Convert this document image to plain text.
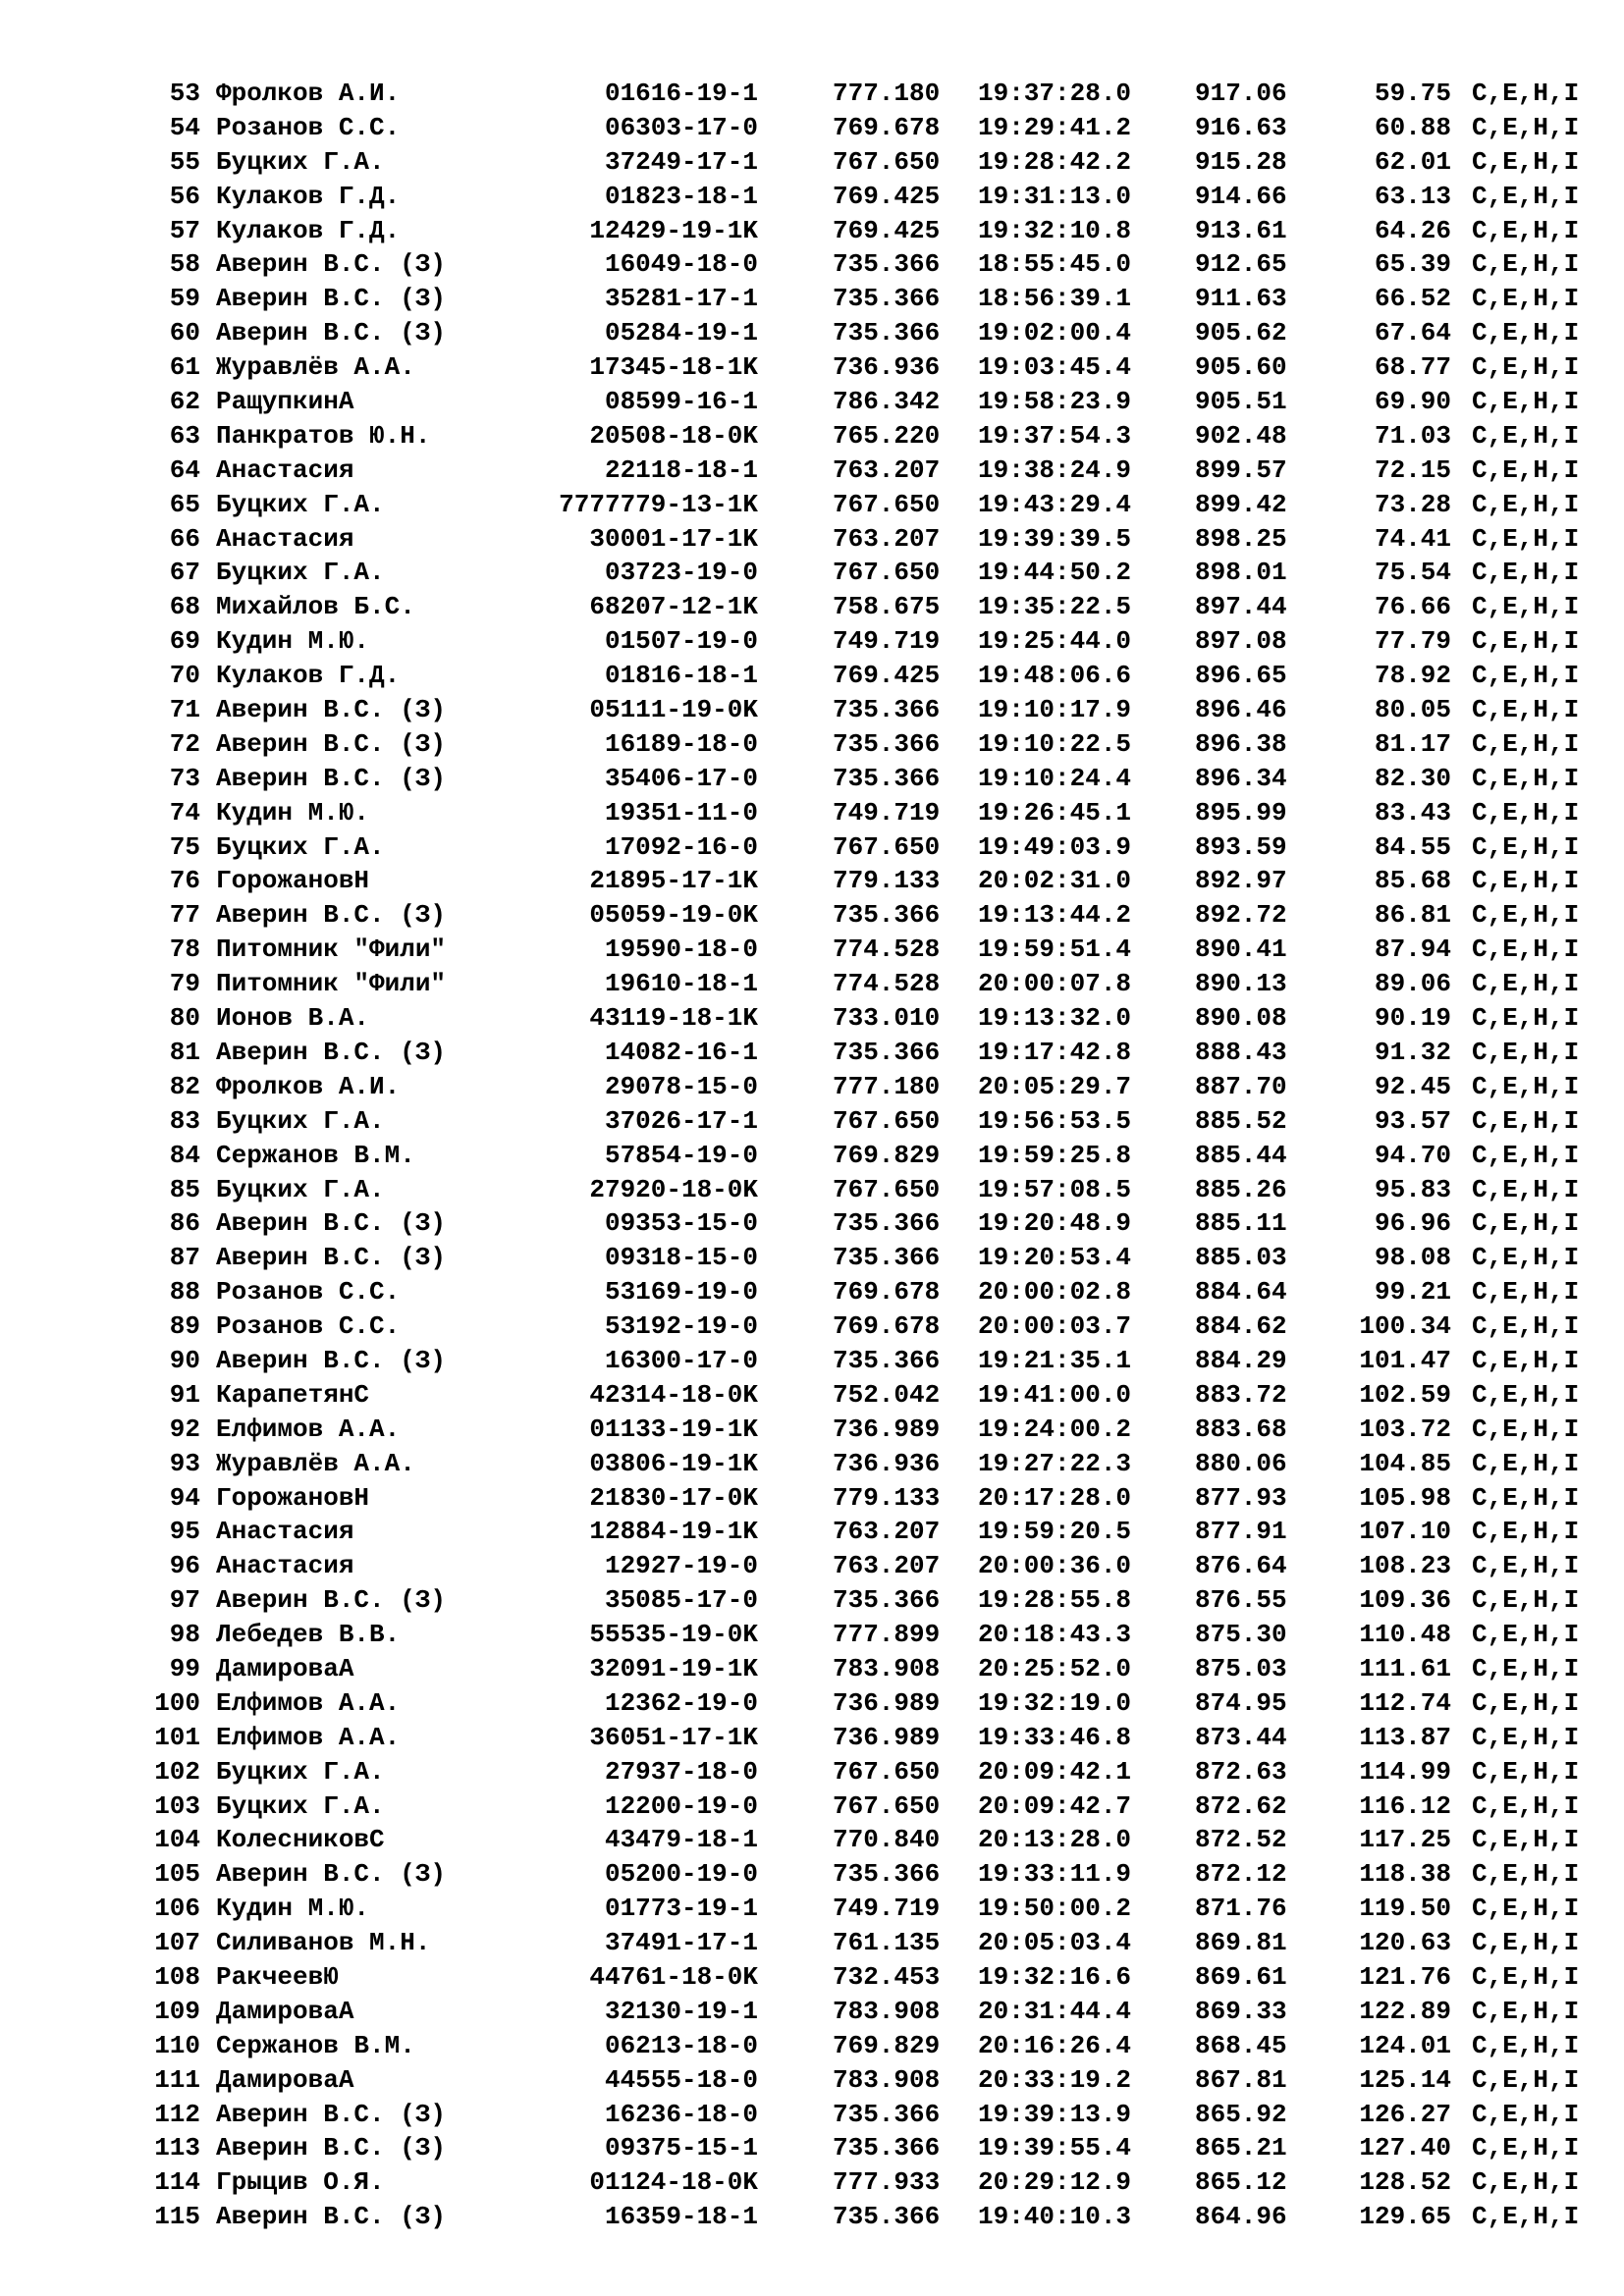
53 Фролков А.И.	01616-19-1	777.180 19:37:28.0 917.06	59.75 C,E,H,I
54 Розанов С.С.	06303-17-0	769.678 19:29:41.2 916.63	60.88 C,E,H,I
55 Буцких Г.А.	37249-17-1	767.650 19:28:42.2 915.28	62.01 C,E,H,I
56 Кулаков Г.Д.	01823-18-1	769.425 19:31:13.0 914.66	63.13 C,E,H,I
57 Кулаков Г.Д.	12429-19-1K	769.425 19:32:10.8 913.61	64.26 C,E,H,I
58 Аверин В.С. (З)	16049-18-0	735.366 18:55:45.0 912.65	65.39 C,E,H,I
59 Аверин В.С. (З)	35281-17-1	735.366 18:56:39.1 911.63	66.52 C,E,H,I
60 Аверин В.С. (З)	05284-19-1	735.366 19:02:00.4 905.62	67.64 C,E,H,I
61 Журавлёв А.А.	17345-18-1K	736.936 19:03:45.4 905.60	68.77 C,E,H,I
62 РащупкинА	08599-16-1	786.342 19:58:23.9 905.51	69.90 C,E,H,I
63 Панкратов Ю.Н.	20508-18-0K	765.220 19:37:54.3 902.48	71.03 C,E,H,I
64 Анастасия	22118-18-1	763.207 19:38:24.9 899.57	72.15 C,E,H,I
65 Буцких Г.А.	7777779-13-1K	767.650 19:43:29.4 899.42	73.28 C,E,H,I
66 Анастасия	30001-17-1K	763.207 19:39:39.5 898.25	74.41 C,E,H,I
67 Буцких Г.А.	03723-19-0	767.650 19:44:50.2 898.01	75.54 C,E,H,I
68 Михайлов Б.С.	68207-12-1K	758.675 19:35:22.5 897.44	76.66 C,E,H,I
69 Кудин М.Ю.	01507-19-0	749.719 19:25:44.0 897.08	77.79 C,E,H,I
70 Кулаков Г.Д.	01816-18-1	769.425 19:48:06.6 896.65	78.92 C,E,H,I
71 Аверин В.С. (З)	05111-19-0K	735.366 19:10:17.9 896.46	80.05 C,E,H,I
72 Аверин В.С. (З)	16189-18-0	735.366 19:10:22.5 896.38	81.17 C,E,H,I
73 Аверин В.С. (З)	35406-17-0	735.366 19:10:24.4 896.34	82.30 C,E,H,I
74 Кудин М.Ю.	19351-11-0	749.719 19:26:45.1 895.99	83.43 C,E,H,I
75 Буцких Г.А.	17092-16-0	767.650 19:49:03.9 893.59	84.55 C,E,H,I
76 ГорожановН	21895-17-1K	779.133 20:02:31.0 892.97	85.68 C,E,H,I
77 Аверин В.С. (З)	05059-19-0K	735.366 19:13:44.2 892.72	86.81 C,E,H,I
78 Питомник "Фили"	19590-18-0	774.528 19:59:51.4 890.41	87.94 C,E,H,I
79 Питомник "Фили"	19610-18-1	774.528 20:00:07.8 890.13	89.06 C,E,H,I
80 Ионов В.А.	43119-18-1K	733.010 19:13:32.0 890.08	90.19 C,E,H,I
81 Аверин В.С. (З)	14082-16-1	735.366 19:17:42.8 888.43	91.32 C,E,H,I
82 Фролков А.И.	29078-15-0	777.180 20:05:29.7 887.70	92.45 C,E,H,I
83 Буцких Г.А.	37026-17-1	767.650 19:56:53.5 885.52	93.57 C,E,H,I
84 Сержанов В.М.	57854-19-0	769.829 19:59:25.8 885.44	94.70 C,E,H,I
85 Буцких Г.А.	27920-18-0K	767.650 19:57:08.5 885.26	95.83 C,E,H,I
86 Аверин В.С. (З)	09353-15-0	735.366 19:20:48.9 885.11	96.96 C,E,H,I
87 Аверин В.С. (З)	09318-15-0	735.366 19:20:53.4 885.03	98.08 C,E,H,I
88 Розанов С.С.	53169-19-0	769.678 20:00:02.8 884.64	99.21 C,E,H,I
89 Розанов С.С.	53192-19-0	769.678 20:00:03.7 884.62	100.34 C,E,H,I
90 Аверин В.С. (З)	16300-17-0	735.366 19:21:35.1 884.29	101.47 C,E,H,I
91 КарапетянС	42314-18-0K	752.042 19:41:00.0 883.72	102.59 C,E,H,I
92 Елфимов А.А.	01133-19-1K	736.989 19:24:00.2 883.68	103.72 C,E,H,I
93 Журавлёв А.А.	03806-19-1K	736.936 19:27:22.3 880.06	104.85 C,E,H,I
94 ГорожановН	21830-17-0K	779.133 20:17:28.0 877.93	105.98 C,E,H,I
95 Анастасия	12884-19-1K	763.207 19:59:20.5 877.91	107.10 C,E,H,I
96 Анастасия	12927-19-0	763.207 20:00:36.0 876.64	108.23 C,E,H,I
97 Аверин В.С. (З)	35085-17-0	735.366 19:28:55.8 876.55	109.36 C,E,H,I
98 Лебедев В.В.	55535-19-0K	777.899 20:18:43.3 875.30	110.48 C,E,H,I
99 ДамироваА	32091-19-1K	783.908 20:25:52.0 875.03	111.61 C,E,H,I
100 Елфимов А.А.	12362-19-0	736.989 19:32:19.0 874.95	112.74 C,E,H,I
101 Елфимов А.А.	36051-17-1K	736.989 19:33:46.8 873.44	113.87 C,E,H,I
102 Буцких Г.А.	27937-18-0	767.650 20:09:42.1 872.63	114.99 C,E,H,I
103 Буцких Г.А.	12200-19-0	767.650 20:09:42.7 872.62	116.12 C,E,H,I
104 КолесниковС	43479-18-1	770.840 20:13:28.0 872.52	117.25 C,E,H,I
105 Аверин В.С. (З)	05200-19-0	735.366 19:33:11.9 872.12	118.38 C,E,H,I
106 Кудин М.Ю.	01773-19-1	749.719 19:50:00.2 871.76	119.50 C,E,H,I
107 Силиванов М.Н.	37491-17-1	761.135 20:05:03.4 869.81	120.63 C,E,H,I
108 РакчеевЮ	44761-18-0K	732.453 19:32:16.6 869.61	121.76 C,E,H,I
109 ДамироваА	32130-19-1	783.908 20:31:44.4 869.33	122.89 C,E,H,I
110 Сержанов В.М.	06213-18-0	769.829 20:16:26.4 868.45	124.01 C,E,H,I
111 ДамироваА	44555-18-0	783.908 20:33:19.2 867.81	125.14 C,E,H,I
112 Аверин В.С. (З)	16236-18-0	735.366 19:39:13.9 865.92	126.27 C,E,H,I
113 Аверин В.С. (З)	09375-15-1	735.366 19:39:55.4 865.21	127.40 C,E,H,I
114 Грыцив О.Я.	01124-18-0K	777.933 20:29:12.9 865.12	128.52 C,E,H,I
115 Аверин В.С. (З)	16359-18-1	735.366 19:40:10.3 864.96	129.65 C,E,H,I
